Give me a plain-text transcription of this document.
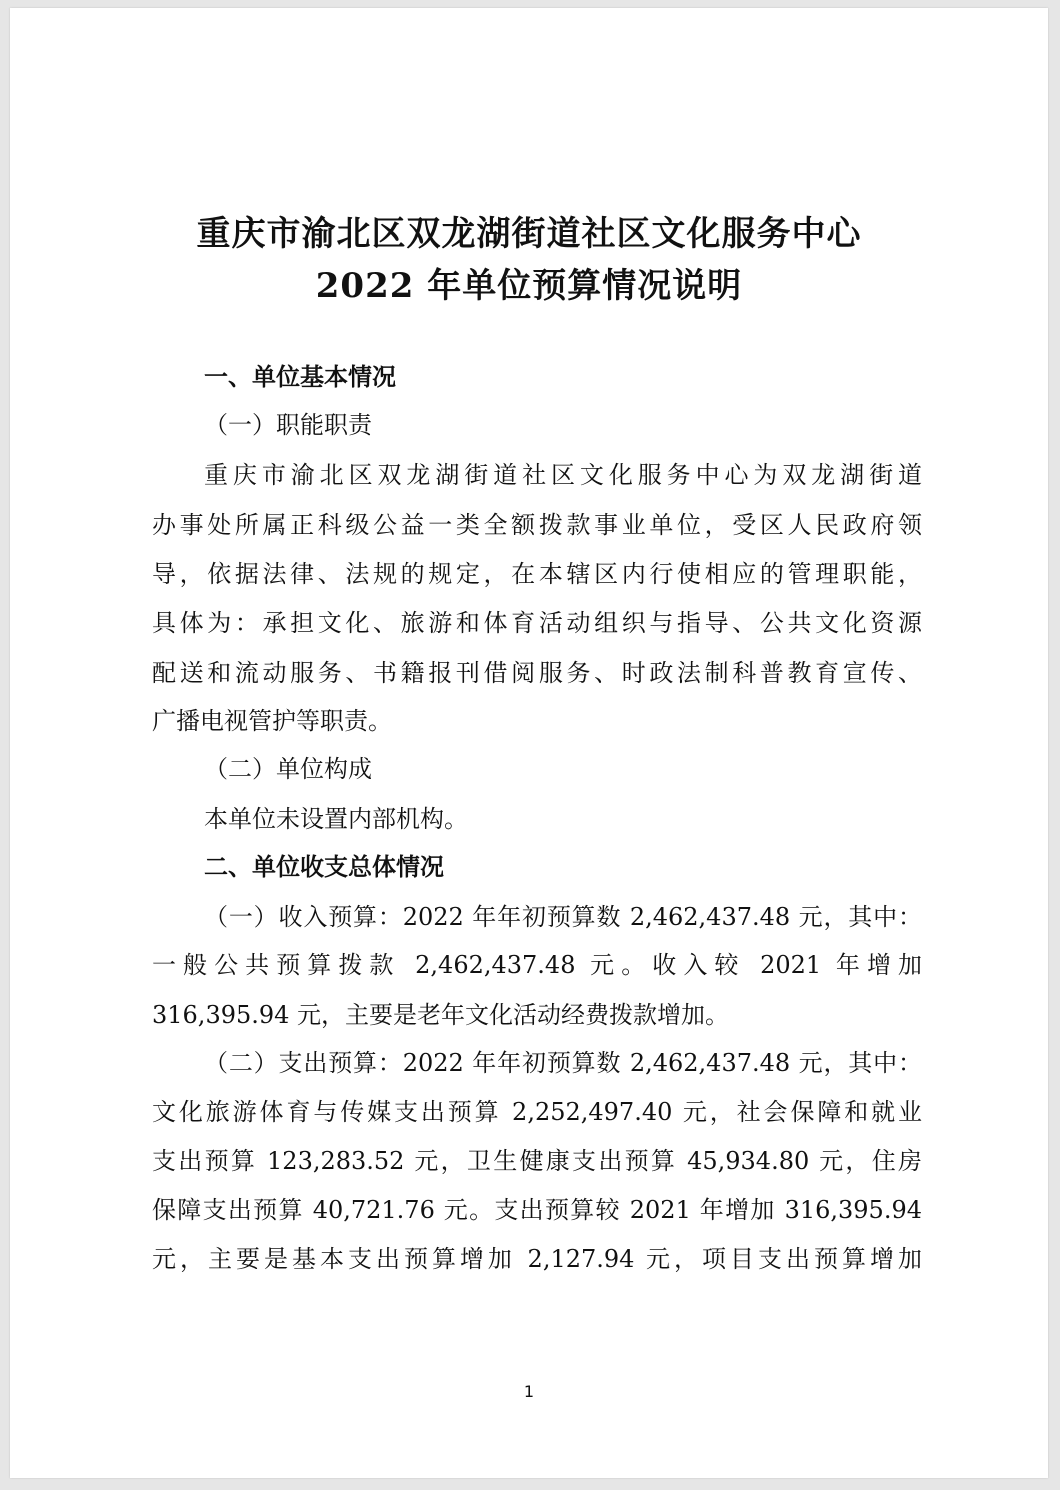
重庆市渝北区双龙湖街道社区文化服务中心
2022 年单位预算情况说明
一、单位基本情况
（一）职能职责
重庆市渝北区双龙湖街道社区文化服务中心为双龙湖街道
办事处所属正科级公益一类全额拨款事业单位，受区人民政府领
导，依据法律、法规的规定，在本辖区内行使相应的管理职能，
具体为：承担文化、旅游和体育活动组织与指导、公共文化资源
配送和流动服务、书籍报刊借阅服务、时政法制科普教育宣传、
广播电视管护等职责。
（二）单位构成
本单位未设置内部机构。
二、单位收支总体情况
（一）收入预算：2022 年年初预算数 2,462,437.48 元，其中：
一般公共预算拨款 2,462,437.48 元。收入较 2021 年增加
316,395.94 元，主要是老年文化活动经费拨款增加。
（二）支出预算：2022 年年初预算数 2,462,437.48 元，其中：
文化旅游体育与传媒支出预算 2,252,497.40 元，社会保障和就业
支出预算 123,283.52 元，卫生健康支出预算 45,934.80 元，住房
保障支出预算 40,721.76 元。支出预算较 2021 年增加 316,395.94
元，主要是基本支出预算增加 2,127.94 元，项目支出预算增加
1
